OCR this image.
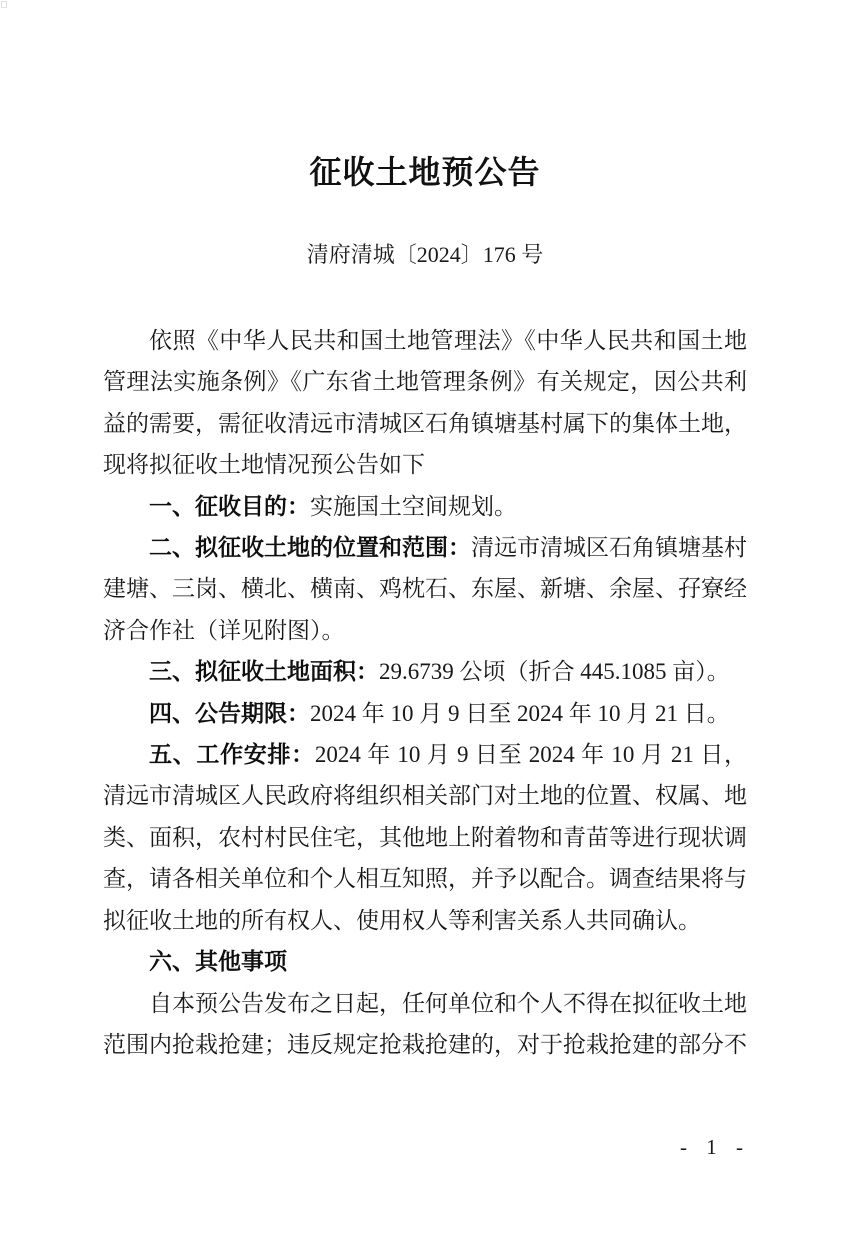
征收土地预公告

清府清城〔2024〕176 号

依照《中华人民共和国土地管理法》《中华人民共和国土地管理法实施条例》《广东省土地管理条例》有关规定，因公共利益的需要，需征收清远市清城区石角镇塘基村属下的集体土地，现将拟征收土地情况预公告如下

一、征收目的：实施国土空间规划。

二、拟征收土地的位置和范围：清远市清城区石角镇塘基村建塘、三岗、横北、横南、鸡枕石、东屋、新塘、余屋、孖寮经济合作社（详见附图）。

三、拟征收土地面积：29.6739 公顷（折合 445.1085 亩）。

四、公告期限：2024 年 10 月 9 日至 2024 年 10 月 21 日。

五、工作安排：2024 年 10 月 9 日至 2024 年 10 月 21 日，清远市清城区人民政府将组织相关部门对土地的位置、权属、地类、面积，农村村民住宅，其他地上附着物和青苗等进行现状调查，请各相关单位和个人相互知照，并予以配合。调查结果将与拟征收土地的所有权人、使用权人等利害关系人共同确认。

六、其他事项

自本预公告发布之日起，任何单位和个人不得在拟征收土地范围内抢栽抢建；违反规定抢栽抢建的，对于抢栽抢建的部分不

- 1 -
